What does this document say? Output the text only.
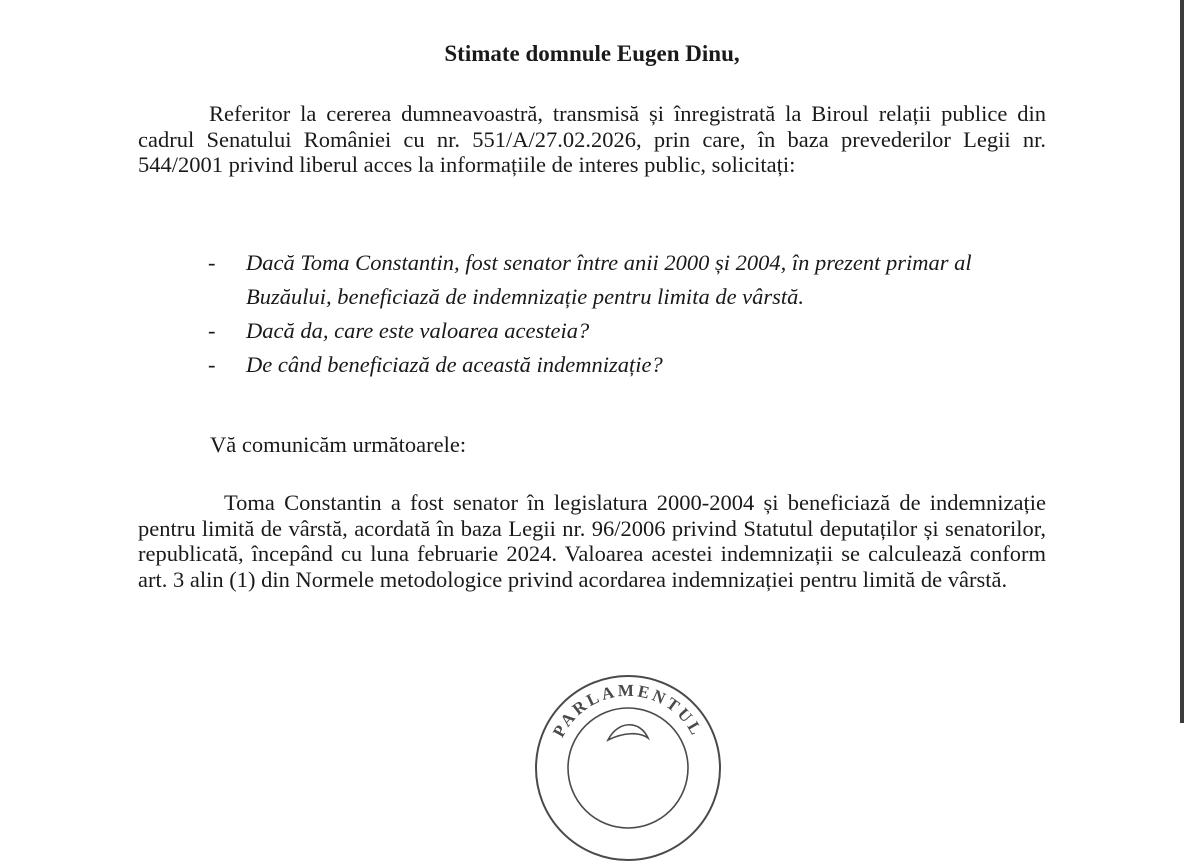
Stimate domnule Eugen Dinu,
Referitor la cererea dumneavoastră, transmisă și înregistrată la Biroul relații publice din cadrul Senatului României cu nr. 551/A/27.02.2026, prin care, în baza prevederilor Legii nr. 544/2001 privind liberul acces la informațiile de interes public, solicitați:
- Dacă Toma Constantin, fost senator între anii 2000 și 2004, în prezent primar al Buzăului, beneficiază de indemnizație pentru limita de vârstă.
- Dacă da, care este valoarea acesteia?
- De când beneficiază de această indemnizație?
Vă comunicăm următoarele:
Toma Constantin a fost senator în legislatura 2000-2004 și beneficiază de indemnizație pentru limită de vârstă, acordată în baza Legii nr. 96/2006 privind Statutul deputaților și senatorilor, republicată, începând cu luna februarie 2024. Valoarea acestei indemnizații se calculează conform art. 3 alin (1) din Normele metodologice privind acordarea indemnizației pentru limită de vârstă.
PARLAMENTUL
